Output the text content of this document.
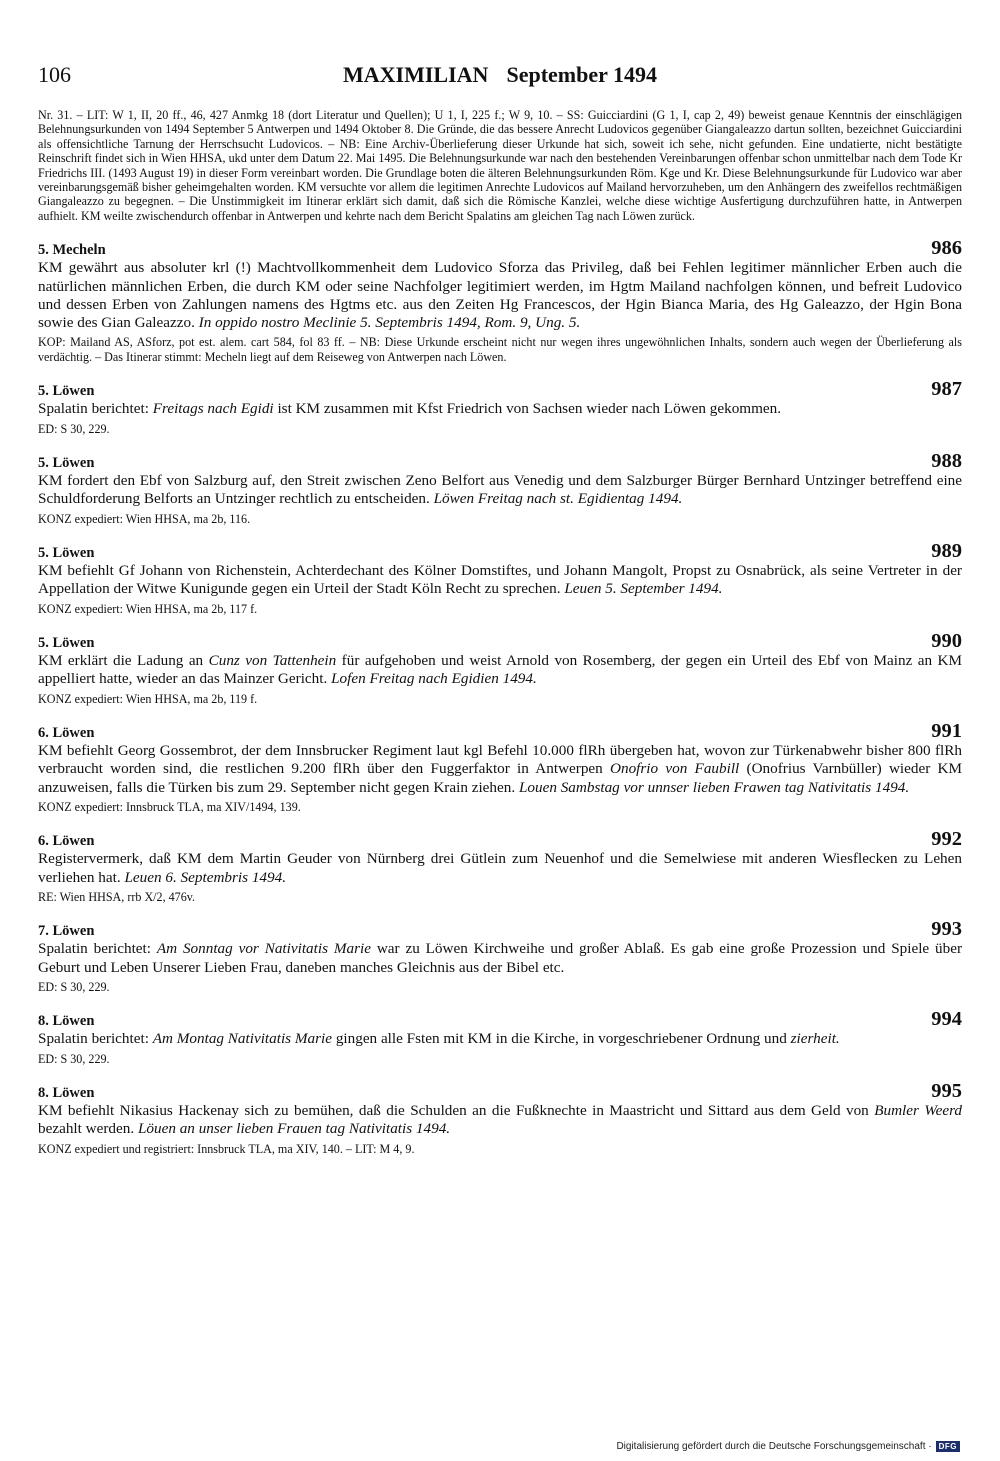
106	MAXIMILIAN September 1494

Nr. 31. – LIT: W 1, II, 20 ff., 46, 427 Anmkg 18 (dort Literatur und Quellen); U 1, I, 225 f.; W 9, 10. – SS: Guicciardini (G 1, I, cap 2, 49) beweist genaue Kenntnis der einschlägigen Belehnungsurkunden von 1494 September 5 Antwerpen und 1494 Oktober 8. Die Gründe, die das bessere Anrecht Ludovicos gegenüber Giangaleazzo dartun sollten, bezeichnet Guicciardini als offensichtliche Tarnung der Herrschsucht Ludovicos. – NB: Eine Archiv-Überlieferung dieser Urkunde hat sich, soweit ich sehe, nicht gefunden. Eine undatierte, nicht bestätigte Reinschrift findet sich in Wien HHSA, ukd unter dem Datum 22. Mai 1495. Die Belehnungsurkunde war nach den bestehenden Vereinbarungen offenbar schon unmittelbar nach dem Tode Kr Friedrichs III. (1493 August 19) in dieser Form vereinbart worden. Die Grundlage boten die älteren Belehnungsurkunden Röm. Kge und Kr. Diese Belehnungsurkunde für Ludovico war aber vereinbarungsgemäß bisher geheimgehalten worden. KM versuchte vor allem die legitimen Anrechte Ludovicos auf Mailand hervorzuheben, um den Anhängern des zweifellos rechtmäßigen Giangaleazzo zu begegnen. – Die Unstimmigkeit im Itinerar erklärt sich damit, daß sich die Römische Kanzlei, welche diese wichtige Ausfertigung durchzuführen hatte, in Antwerpen aufhielt. KM weilte zwischendurch offenbar in Antwerpen und kehrte nach dem Bericht Spalatins am gleichen Tag nach Löwen zurück.

5. Mecheln	986

KM gewährt aus absoluter krl (!) Machtvollkommenheit dem Ludovico Sforza das Privileg, daß bei Fehlen legitimer männlicher Erben auch die natürlichen männlichen Erben, die durch KM oder seine Nachfolger legitimiert werden, im Hgtm Mailand nachfolgen können, und befreit Ludovico und dessen Erben von Zahlungen namens des Hgtms etc. aus den Zeiten Hg Francescos, der Hgin Bianca Maria, des Hg Galeazzo, der Hgin Bona sowie des Gian Galeazzo. In oppido nostro Meclinie 5. Septembris 1494, Rom. 9, Ung. 5.

KOP: Mailand AS, ASforz, pot est. alem. cart 584, fol 83 ff. – NB: Diese Urkunde erscheint nicht nur wegen ihres ungewöhnlichen Inhalts, sondern auch wegen der Überlieferung als verdächtig. – Das Itinerar stimmt: Mecheln liegt auf dem Reiseweg von Antwerpen nach Löwen.

5. Löwen	987

Spalatin berichtet: Freitags nach Egidi ist KM zusammen mit Kfst Friedrich von Sachsen wieder nach Löwen gekommen.

ED: S 30, 229.

5. Löwen	988

KM fordert den Ebf von Salzburg auf, den Streit zwischen Zeno Belfort aus Venedig und dem Salzburger Bürger Bernhard Untzinger betreffend eine Schuldforderung Belforts an Untzinger rechtlich zu entscheiden. Löwen Freitag nach st. Egidientag 1494.

KONZ expediert: Wien HHSA, ma 2b, 116.

5. Löwen	989

KM befiehlt Gf Johann von Richenstein, Achterdechant des Kölner Domstiftes, und Johann Mangolt, Propst zu Osnabrück, als seine Vertreter in der Appellation der Witwe Kunigunde gegen ein Urteil der Stadt Köln Recht zu sprechen. Leuen 5. September 1494.

KONZ expediert: Wien HHSA, ma 2b, 117 f.

5. Löwen	990

KM erklärt die Ladung an Cunz von Tattenhein für aufgehoben und weist Arnold von Rosemberg, der gegen ein Urteil des Ebf von Mainz an KM appelliert hatte, wieder an das Mainzer Gericht. Lofen Freitag nach Egidien 1494.

KONZ expediert: Wien HHSA, ma 2b, 119 f.

6. Löwen	991

KM befiehlt Georg Gossembrot, der dem Innsbrucker Regiment laut kgl Befehl 10.000 flRh übergeben hat, wovon zur Türkenabwehr bisher 800 flRh verbraucht worden sind, die restlichen 9.200 flRh über den Fuggerfaktor in Antwerpen Onofrio von Faubill (Onofrius Varnbüller) wieder KM anzuweisen, falls die Türken bis zum 29. September nicht gegen Krain ziehen. Louen Sambstag vor unnser lieben Frawen tag Nativitatis 1494.

KONZ expediert: Innsbruck TLA, ma XIV/1494, 139.

6. Löwen	992

Registervermerk, daß KM dem Martin Geuder von Nürnberg drei Gütlein zum Neuenhof und die Semelwiese mit anderen Wiesflecken zu Lehen verliehen hat. Leuen 6. Septembris 1494.

RE: Wien HHSA, rrb X/2, 476v.

7. Löwen	993

Spalatin berichtet: Am Sonntag vor Nativitatis Marie war zu Löwen Kirchweihe und großer Ablaß. Es gab eine große Prozession und Spiele über Geburt und Leben Unserer Lieben Frau, daneben manches Gleichnis aus der Bibel etc.

ED: S 30, 229.

8. Löwen	994

Spalatin berichtet: Am Montag Nativitatis Marie gingen alle Fsten mit KM in die Kirche, in vorgeschriebener Ordnung und zierheit.

ED: S 30, 229.

8. Löwen	995

KM befiehlt Nikasius Hackenay sich zu bemühen, daß die Schulden an die Fußknechte in Maastricht und Sittard aus dem Geld von Bumler Weerd bezahlt werden. Löuen an unser lieben Frauen tag Nativitatis 1494.

KONZ expediert und registriert: Innsbruck TLA, ma XIV, 140. – LIT: M 4, 9.

Digitalisierung gefördert durch die Deutsche Forschungsgemeinschaft · DFG
